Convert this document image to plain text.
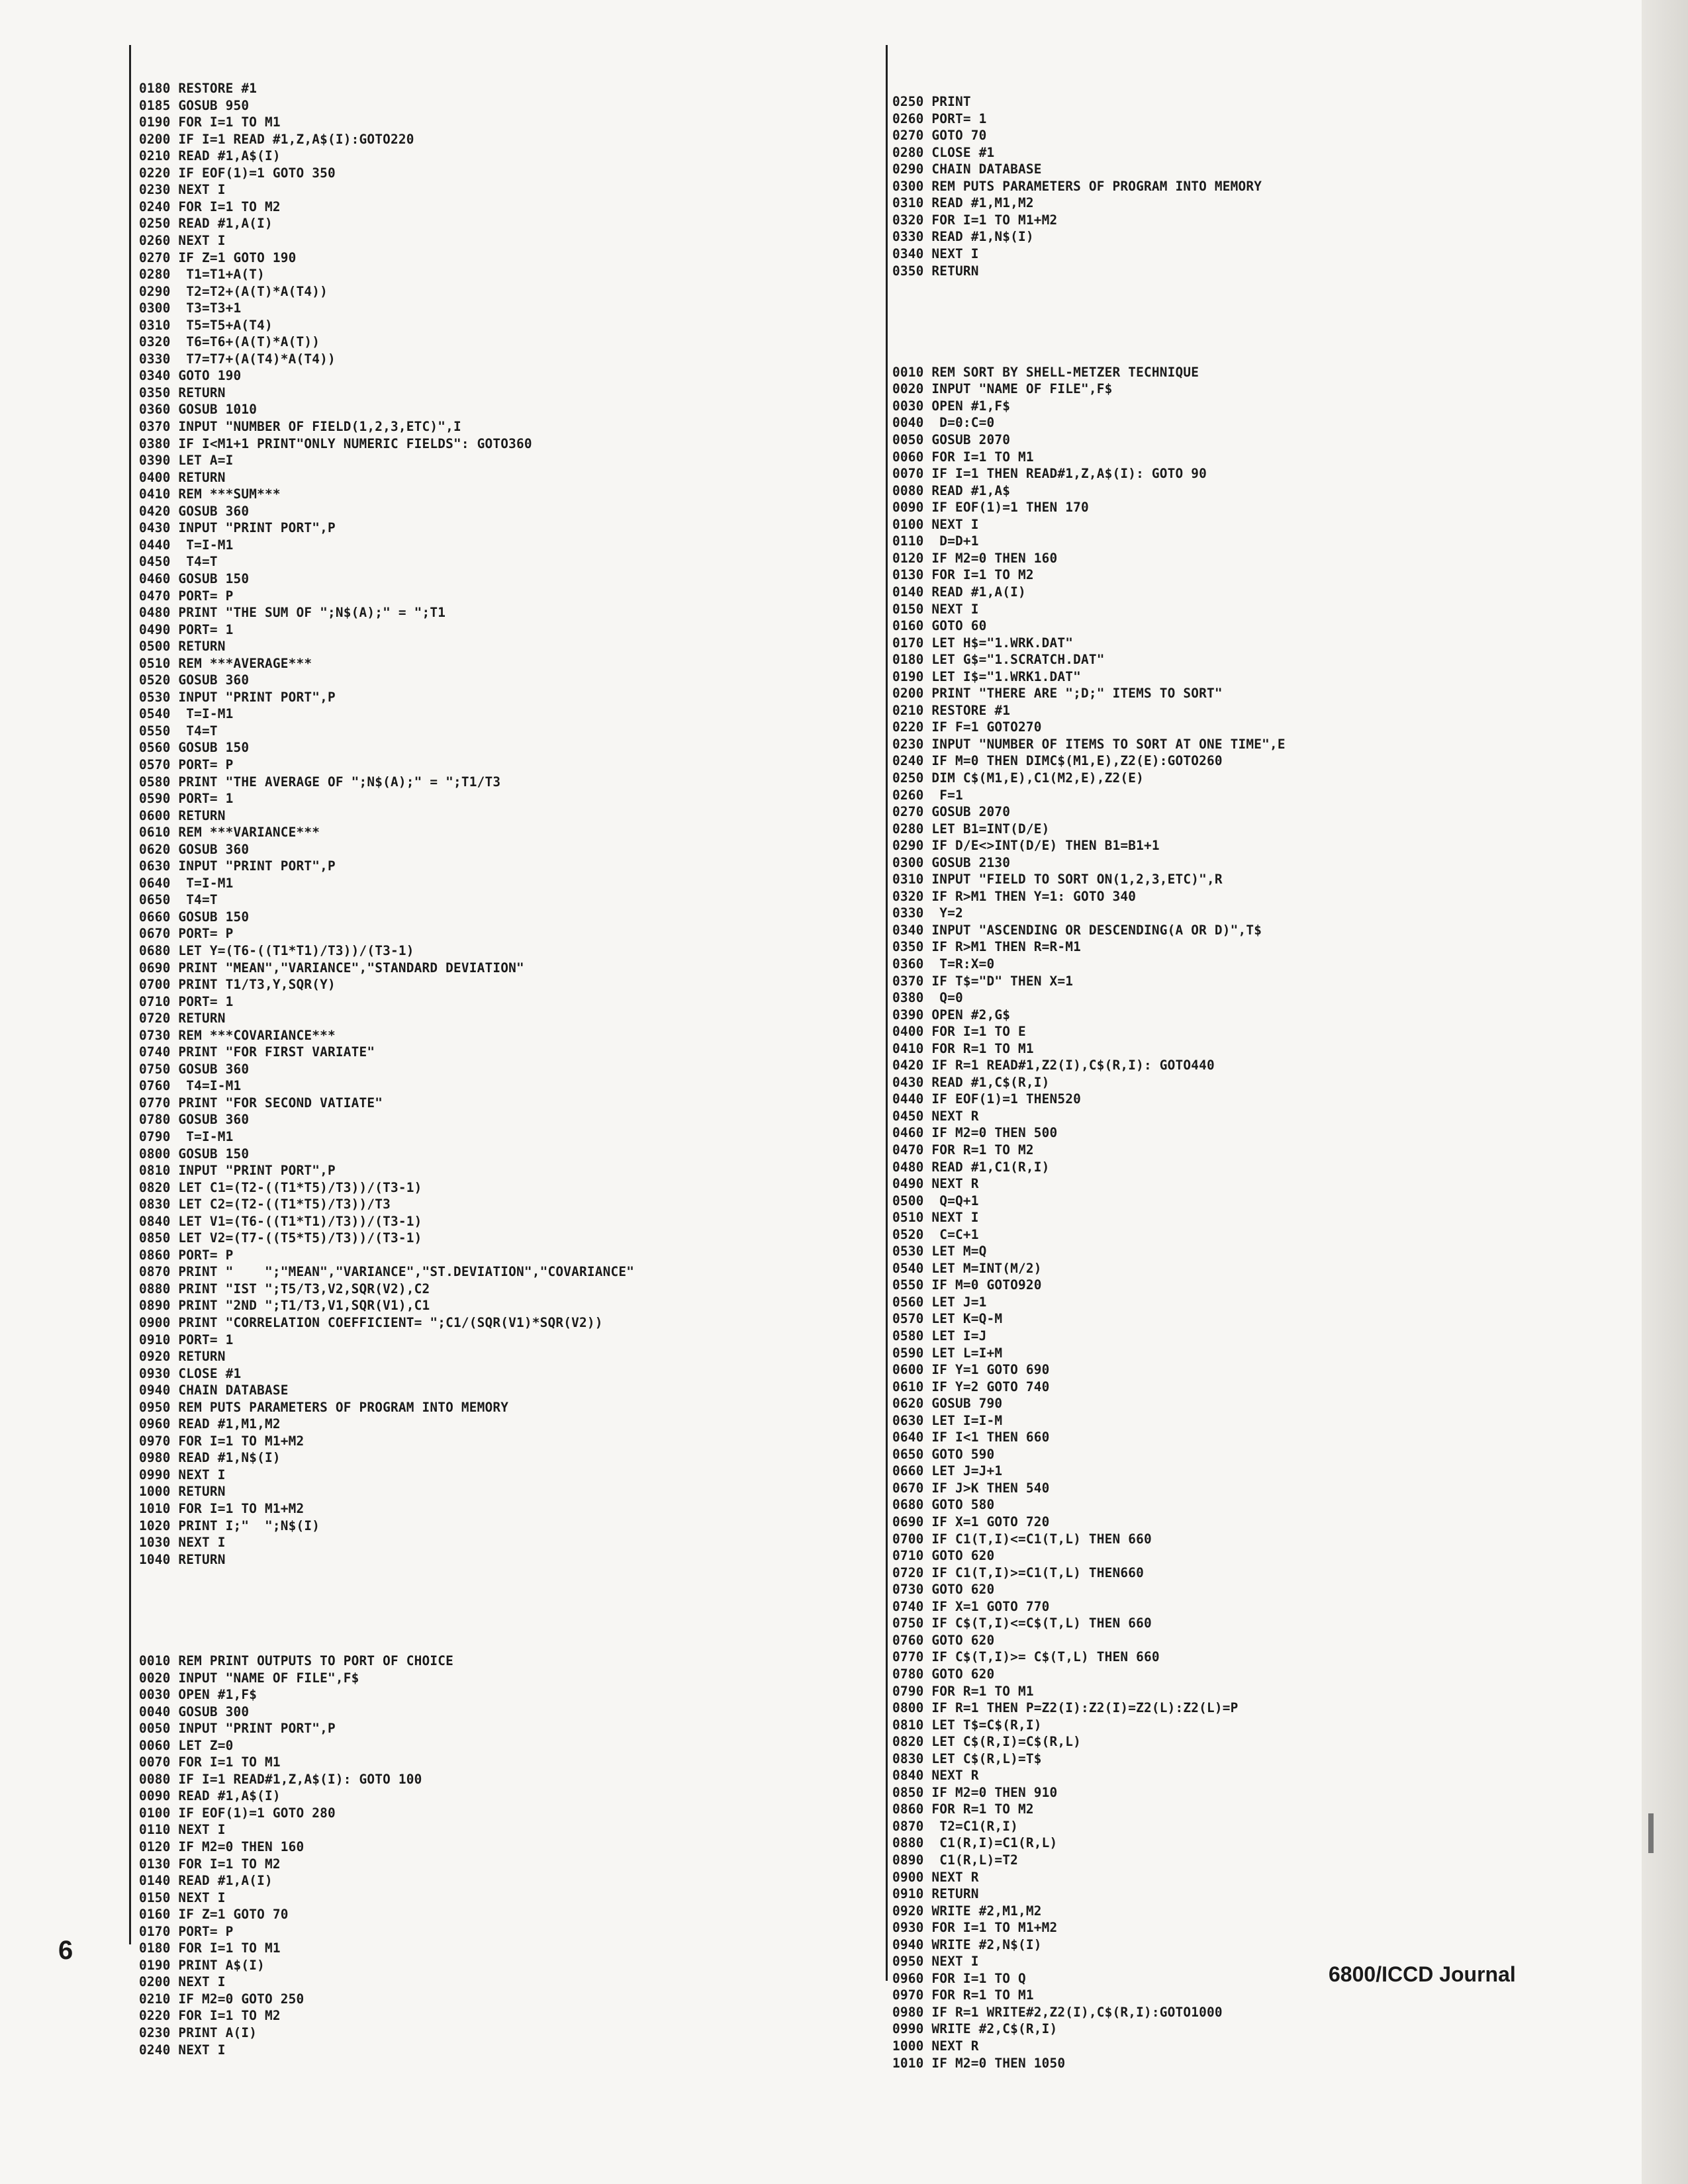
0180 RESTORE #1
0185 GOSUB 950
0190 FOR I=1 TO M1
0200 IF I=1 READ #1,Z,A$(I):GOTO220
0210 READ #1,A$(I)
0220 IF EOF(1)=1 GOTO 350
0230 NEXT I
0240 FOR I=1 TO M2
0250 READ #1,A(I)
0260 NEXT I
0270 IF Z=1 GOTO 190
0280  T1=T1+A(T)
0290  T2=T2+(A(T)*A(T4))
0300  T3=T3+1
0310  T5=T5+A(T4)
0320  T6=T6+(A(T)*A(T))
0330  T7=T7+(A(T4)*A(T4))
0340 GOTO 190
0350 RETURN
0360 GOSUB 1010
0370 INPUT "NUMBER OF FIELD(1,2,3,ETC)",I
0380 IF I<M1+1 PRINT"ONLY NUMERIC FIELDS": GOTO360
0390 LET A=I
0400 RETURN
0410 REM ***SUM***
0420 GOSUB 360
0430 INPUT "PRINT PORT",P
0440  T=I-M1
0450  T4=T
0460 GOSUB 150
0470 PORT= P
0480 PRINT "THE SUM OF ";N$(A);" = ";T1
0490 PORT= 1
0500 RETURN
0510 REM ***AVERAGE***
0520 GOSUB 360
0530 INPUT "PRINT PORT",P
0540  T=I-M1
0550  T4=T
0560 GOSUB 150
0570 PORT= P
0580 PRINT "THE AVERAGE OF ";N$(A);" = ";T1/T3
0590 PORT= 1
0600 RETURN
0610 REM ***VARIANCE***
0620 GOSUB 360
0630 INPUT "PRINT PORT",P
0640  T=I-M1
0650  T4=T
0660 GOSUB 150
0670 PORT= P
0680 LET Y=(T6-((T1*T1)/T3))/(T3-1)
0690 PRINT "MEAN","VARIANCE","STANDARD DEVIATION"
0700 PRINT T1/T3,Y,SQR(Y)
0710 PORT= 1
0720 RETURN
0730 REM ***COVARIANCE***
0740 PRINT "FOR FIRST VARIATE"
0750 GOSUB 360
0760  T4=I-M1
0770 PRINT "FOR SECOND VATIATE"
0780 GOSUB 360
0790  T=I-M1
0800 GOSUB 150
0810 INPUT "PRINT PORT",P
0820 LET C1=(T2-((T1*T5)/T3))/(T3-1)
0830 LET C2=(T2-((T1*T5)/T3))/T3
0840 LET V1=(T6-((T1*T1)/T3))/(T3-1)
0850 LET V2=(T7-((T5*T5)/T3))/(T3-1)
0860 PORT= P
0870 PRINT "    ";"MEAN","VARIANCE","ST.DEVIATION","COVARIANCE"
0880 PRINT "IST ";T5/T3,V2,SQR(V2),C2
0890 PRINT "2ND ";T1/T3,V1,SQR(V1),C1
0900 PRINT "CORRELATION COEFFICIENT= ";C1/(SQR(V1)*SQR(V2))
0910 PORT= 1
0920 RETURN
0930 CLOSE #1
0940 CHAIN DATABASE
0950 REM PUTS PARAMETERS OF PROGRAM INTO MEMORY
0960 READ #1,M1,M2
0970 FOR I=1 TO M1+M2
0980 READ #1,N$(I)
0990 NEXT I
1000 RETURN
1010 FOR I=1 TO M1+M2
1020 PRINT I;"  ";N$(I)
1030 NEXT I
1040 RETURN

0010 REM PRINT OUTPUTS TO PORT OF CHOICE
0020 INPUT "NAME OF FILE",F$
0030 OPEN #1,F$
0040 GOSUB 300
0050 INPUT "PRINT PORT",P
0060 LET Z=0
0070 FOR I=1 TO M1
0080 IF I=1 READ#1,Z,A$(I): GOTO 100
0090 READ #1,A$(I)
0100 IF EOF(1)=1 GOTO 280
0110 NEXT I
0120 IF M2=0 THEN 160
0130 FOR I=1 TO M2
0140 READ #1,A(I)
0150 NEXT I
0160 IF Z=1 GOTO 70
0170 PORT= P
0180 FOR I=1 TO M1
0190 PRINT A$(I)
0200 NEXT I
0210 IF M2=0 GOTO 250
0220 FOR I=1 TO M2
0230 PRINT A(I)
0240 NEXT I

0250 PRINT
0260 PORT= 1
0270 GOTO 70
0280 CLOSE #1
0290 CHAIN DATABASE
0300 REM PUTS PARAMETERS OF PROGRAM INTO MEMORY
0310 READ #1,M1,M2
0320 FOR I=1 TO M1+M2
0330 READ #1,N$(I)
0340 NEXT I
0350 RETURN

0010 REM SORT BY SHELL-METZER TECHNIQUE
0020 INPUT "NAME OF FILE",F$
0030 OPEN #1,F$
0040  D=0:C=0
0050 GOSUB 2070
0060 FOR I=1 TO M1
0070 IF I=1 THEN READ#1,Z,A$(I): GOTO 90
0080 READ #1,A$
0090 IF EOF(1)=1 THEN 170
0100 NEXT I
0110  D=D+1
0120 IF M2=0 THEN 160
0130 FOR I=1 TO M2
0140 READ #1,A(I)
0150 NEXT I
0160 GOTO 60
0170 LET H$="1.WRK.DAT"
0180 LET G$="1.SCRATCH.DAT"
0190 LET I$="1.WRK1.DAT"
0200 PRINT "THERE ARE ";D;" ITEMS TO SORT"
0210 RESTORE #1
0220 IF F=1 GOTO270
0230 INPUT "NUMBER OF ITEMS TO SORT AT ONE TIME",E
0240 IF M=0 THEN DIMC$(M1,E),Z2(E):GOTO260
0250 DIM C$(M1,E),C1(M2,E),Z2(E)
0260  F=1
0270 GOSUB 2070
0280 LET B1=INT(D/E)
0290 IF D/E<>INT(D/E) THEN B1=B1+1
0300 GOSUB 2130
0310 INPUT "FIELD TO SORT ON(1,2,3,ETC)",R
0320 IF R>M1 THEN Y=1: GOTO 340
0330  Y=2
0340 INPUT "ASCENDING OR DESCENDING(A OR D)",T$
0350 IF R>M1 THEN R=R-M1
0360  T=R:X=0
0370 IF T$="D" THEN X=1
0380  Q=0
0390 OPEN #2,G$
0400 FOR I=1 TO E
0410 FOR R=1 TO M1
0420 IF R=1 READ#1,Z2(I),C$(R,I): GOTO440
0430 READ #1,C$(R,I)
0440 IF EOF(1)=1 THEN520
0450 NEXT R
0460 IF M2=0 THEN 500
0470 FOR R=1 TO M2
0480 READ #1,C1(R,I)
0490 NEXT R
0500  Q=Q+1
0510 NEXT I
0520  C=C+1
0530 LET M=Q
0540 LET M=INT(M/2)
0550 IF M=0 GOTO920
0560 LET J=1
0570 LET K=Q-M
0580 LET I=J
0590 LET L=I+M
0600 IF Y=1 GOTO 690
0610 IF Y=2 GOTO 740
0620 GOSUB 790
0630 LET I=I-M
0640 IF I<1 THEN 660
0650 GOTO 590
0660 LET J=J+1
0670 IF J>K THEN 540
0680 GOTO 580
0690 IF X=1 GOTO 720
0700 IF C1(T,I)<=C1(T,L) THEN 660
0710 GOTO 620
0720 IF C1(T,I)>=C1(T,L) THEN660
0730 GOTO 620
0740 IF X=1 GOTO 770
0750 IF C$(T,I)<=C$(T,L) THEN 660
0760 GOTO 620
0770 IF C$(T,I)>= C$(T,L) THEN 660
0780 GOTO 620
0790 FOR R=1 TO M1
0800 IF R=1 THEN P=Z2(I):Z2(I)=Z2(L):Z2(L)=P
0810 LET T$=C$(R,I)
0820 LET C$(R,I)=C$(R,L)
0830 LET C$(R,L)=T$
0840 NEXT R
0850 IF M2=0 THEN 910
0860 FOR R=1 TO M2
0870  T2=C1(R,I)
0880  C1(R,I)=C1(R,L)
0890  C1(R,L)=T2
0900 NEXT R
0910 RETURN
0920 WRITE #2,M1,M2
0930 FOR I=1 TO M1+M2
0940 WRITE #2,N$(I)
0950 NEXT I
0960 FOR I=1 TO Q
0970 FOR R=1 TO M1
0980 IF R=1 WRITE#2,Z2(I),C$(R,I):GOTO1000
0990 WRITE #2,C$(R,I)
1000 NEXT R
1010 IF M2=0 THEN 1050

6
6800/ICCD Journal
